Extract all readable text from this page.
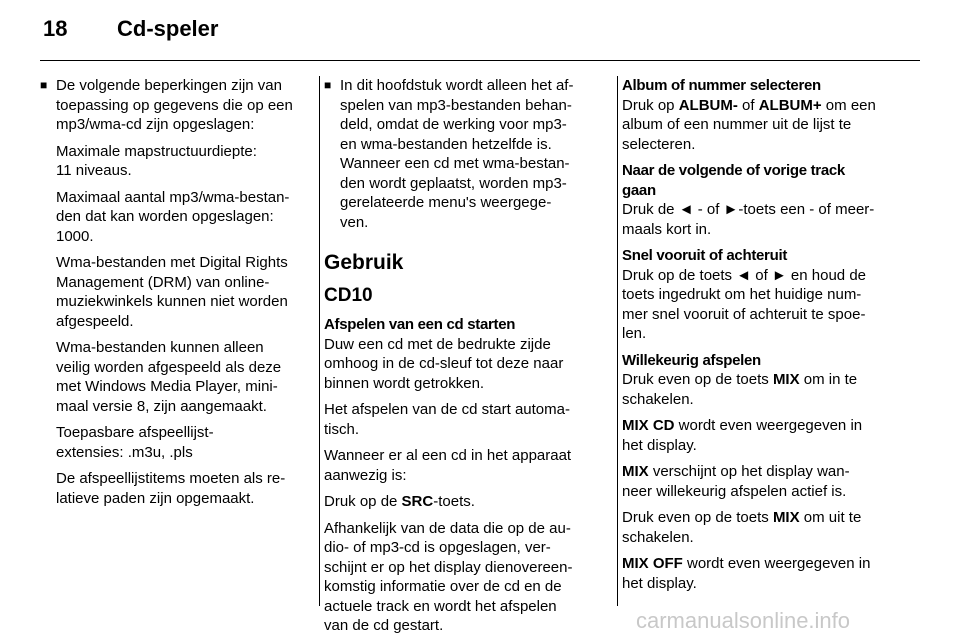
18 Cd-speler

■ De volgende beperkingen zijn van
toepassing op gegevens die op een
mp3/wma-cd zijn opgeslagen:

Maximale mapstructuurdiepte:
11 niveaus.

Maximaal aantal mp3/wma-bestan-
den dat kan worden opgeslagen:
1000.

Wma-bestanden met Digital Rights
Management (DRM) van online-
muziekwinkels kunnen niet worden
afgespeeld.

Wma-bestanden kunnen alleen
veilig worden afgespeeld als deze
met Windows Media Player, mini-
maal versie 8, zijn aangemaakt.

Toepasbare afspeellijst-
extensies: .m3u, .pls

De afspeellijstitems moeten als re-
latieve paden zijn opgemaakt.

■ In dit hoofdstuk wordt alleen het af-
spelen van mp3-bestanden behan-
deld, omdat de werking voor mp3-
en wma-bestanden hetzelfde is.
Wanneer een cd met wma-bestan-
den wordt geplaatst, worden mp3-
gerelateerde menu's weergege-
ven.

Gebruik
CD10

Afspelen van een cd starten
Duw een cd met de bedrukte zijde
omhoog in de cd-sleuf tot deze naar
binnen wordt getrokken.

Het afspelen van de cd start automa-
tisch.

Wanneer er al een cd in het apparaat
aanwezig is:

Druk op de SRC-toets.

Afhankelijk van de data die op de au-
dio- of mp3-cd is opgeslagen, ver-
schijnt er op het display dienovereen-
komstig informatie over de cd en de
actuele track en wordt het afspelen
van de cd gestart.

Album of nummer selecteren
Druk op ALBUM- of ALBUM+ om een
album of een nummer uit de lijst te
selecteren.

Naar de volgende of vorige track
gaan
Druk de ◄ - of ►-toets een - of meer-
maals kort in.

Snel vooruit of achteruit
Druk op de toets ◄ of ► en houd de
toets ingedrukt om het huidige num-
mer snel vooruit of achteruit te spoe-
len.

Willekeurig afspelen
Druk even op de toets MIX om in te
schakelen.

MIX CD wordt even weergegeven in
het display.

MIX verschijnt op het display wan-
neer willekeurig afspelen actief is.

Druk even op de toets MIX om uit te
schakelen.

MIX OFF wordt even weergegeven in
het display.

carmanualsonline.info
